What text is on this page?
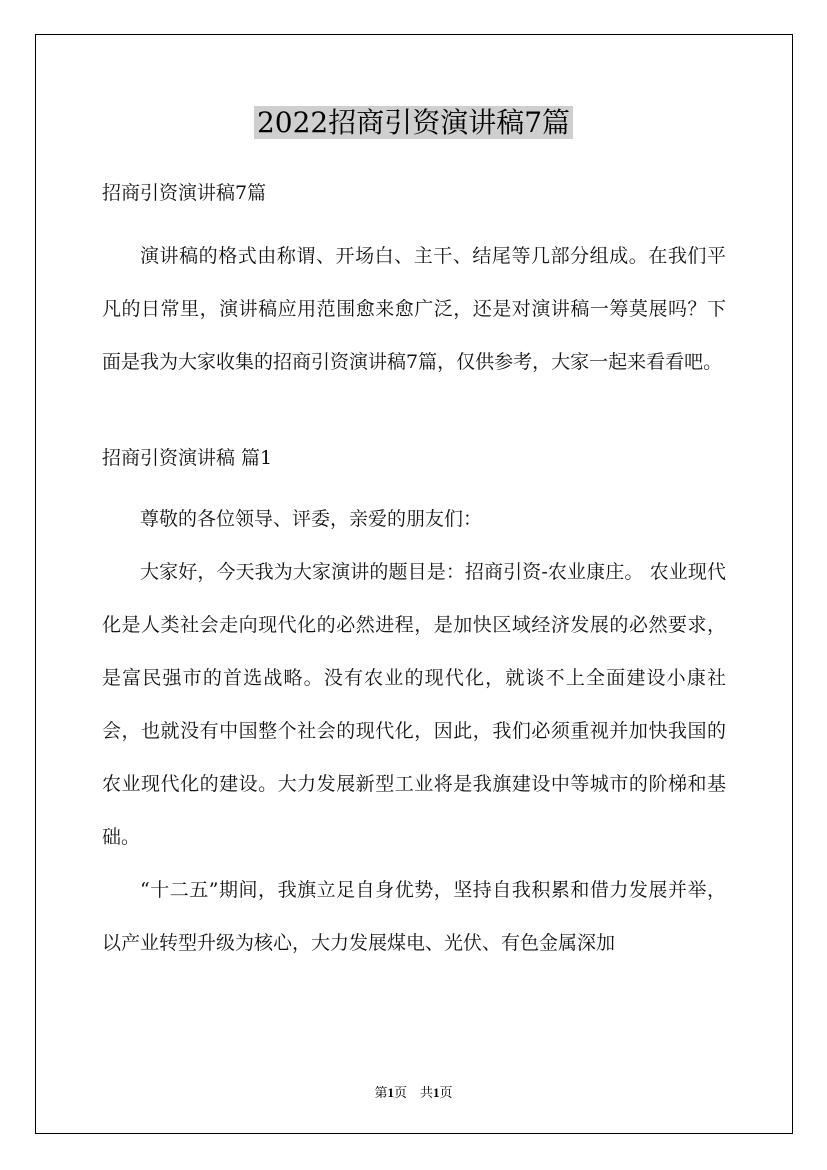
2022招商引资演讲稿7篇

招商引资演讲稿7篇

演讲稿的格式由称谓、开场白、主干、结尾等几部分组成。在我们平凡的日常里，演讲稿应用范围愈来愈广泛，还是对演讲稿一筹莫展吗？下面是我为大家收集的招商引资演讲稿7篇，仅供参考，大家一起来看看吧。

招商引资演讲稿 篇1

尊敬的各位领导、评委，亲爱的朋友们：

大家好，今天我为大家演讲的题目是：招商引资-农业康庄。 农业现代化是人类社会走向现代化的必然进程，是加快区域经济发展的必然要求，是富民强市的首选战略。没有农业的现代化，就谈不上全面建设小康社会，也就没有中国整个社会的现代化，因此，我们必须重视并加快我国的农业现代化的建设。大力发展新型工业将是我旗建设中等城市的阶梯和基础。

“十二五”期间，我旗立足自身优势，坚持自我积累和借力发展并举，以产业转型升级为核心，大力发展煤电、光伏、有色金属深加

第1页　共1页
